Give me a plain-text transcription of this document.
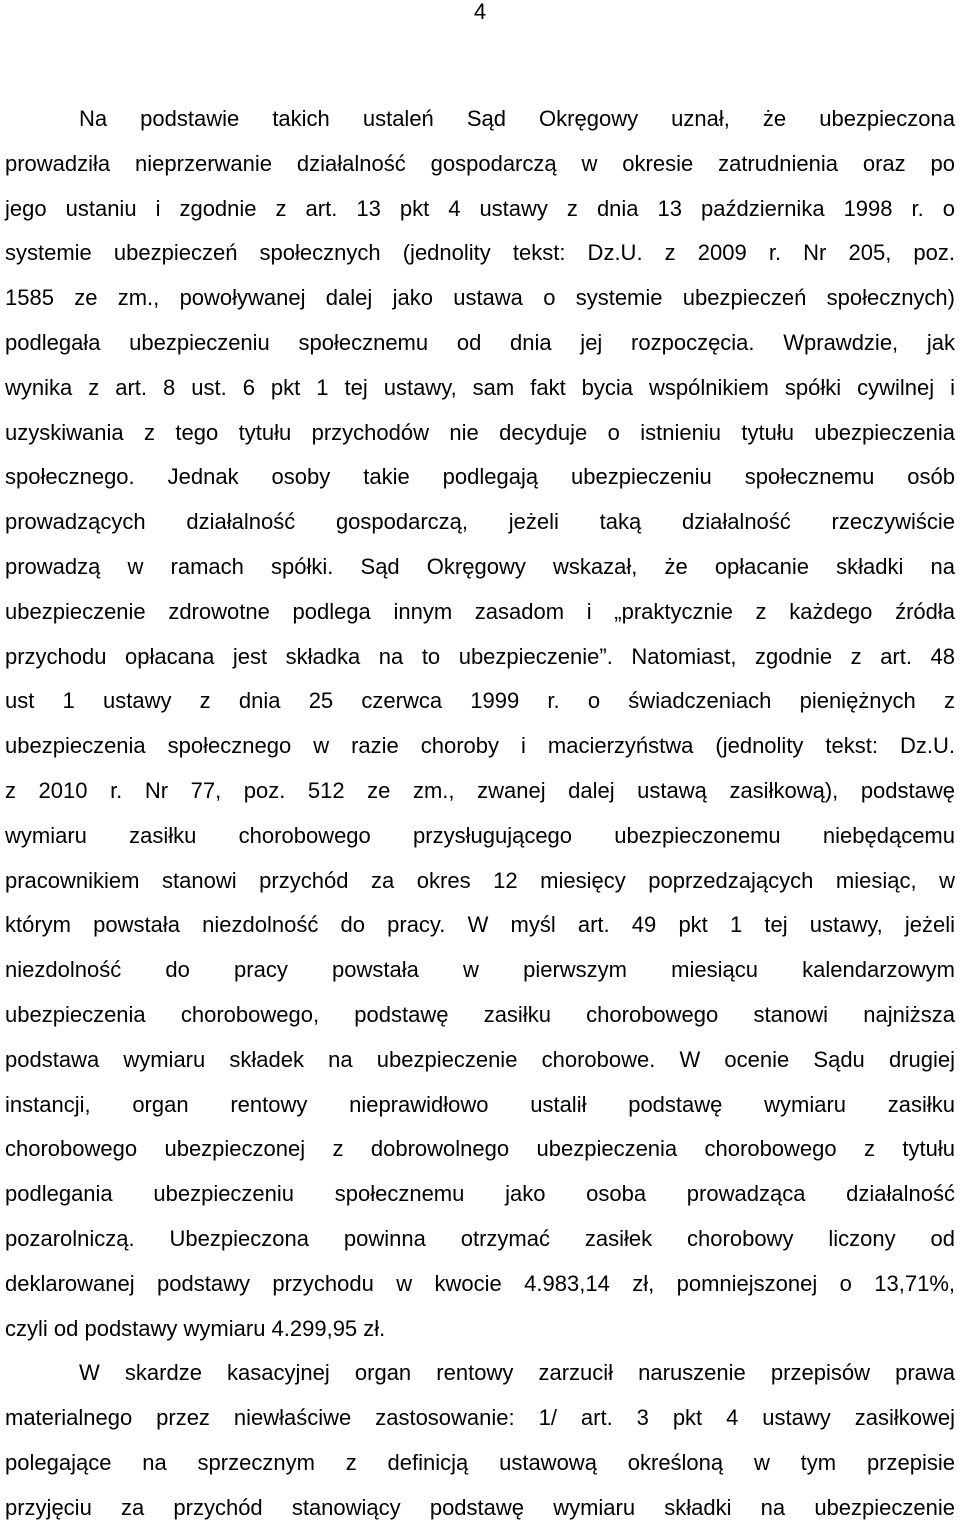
4
Na podstawie takich ustaleń Sąd Okręgowy uznał, że ubezpieczona
prowadziła nieprzerwanie działalność gospodarczą w okresie zatrudnienia oraz po
jego ustaniu i zgodnie z art. 13 pkt 4 ustawy z dnia 13 października 1998 r. o
systemie ubezpieczeń społecznych (jednolity tekst: Dz.U. z 2009 r. Nr 205, poz.
1585 ze zm., powoływanej dalej jako ustawa o systemie ubezpieczeń społecznych)
podlegała ubezpieczeniu społecznemu od dnia jej rozpoczęcia. Wprawdzie, jak
wynika z art. 8 ust. 6 pkt 1 tej ustawy, sam fakt bycia wspólnikiem spółki cywilnej i
uzyskiwania z tego tytułu przychodów nie decyduje o istnieniu tytułu ubezpieczenia
społecznego. Jednak osoby takie podlegają ubezpieczeniu społecznemu osób
prowadzących działalność gospodarczą, jeżeli taką działalność rzeczywiście
prowadzą w ramach spółki. Sąd Okręgowy wskazał, że opłacanie składki na
ubezpieczenie zdrowotne podlega innym zasadom i „praktycznie z każdego źródła
przychodu opłacana jest składka na to ubezpieczenie”. Natomiast, zgodnie z art. 48
ust 1 ustawy z dnia 25 czerwca 1999 r. o świadczeniach pieniężnych z
ubezpieczenia społecznego w razie choroby i macierzyństwa (jednolity tekst: Dz.U.
z 2010 r. Nr 77, poz. 512 ze zm., zwanej dalej ustawą zasiłkową), podstawę
wymiaru zasiłku chorobowego przysługującego ubezpieczonemu niebędącemu
pracownikiem stanowi przychód za okres 12 miesięcy poprzedzających miesiąc, w
którym powstała niezdolność do pracy. W myśl art. 49 pkt 1 tej ustawy, jeżeli
niezdolność do pracy powstała w pierwszym miesiącu kalendarzowym
ubezpieczenia chorobowego, podstawę zasiłku chorobowego stanowi najniższa
podstawa wymiaru składek na ubezpieczenie chorobowe. W ocenie Sądu drugiej
instancji, organ rentowy nieprawidłowo ustalił podstawę wymiaru zasiłku
chorobowego ubezpieczonej z dobrowolnego ubezpieczenia chorobowego z tytułu
podlegania ubezpieczeniu społecznemu jako osoba prowadząca działalność
pozarolniczą. Ubezpieczona powinna otrzymać zasiłek chorobowy liczony od
deklarowanej podstawy przychodu w kwocie 4.983,14 zł, pomniejszonej o 13,71%,
czyli od podstawy wymiaru 4.299,95 zł.
W skardze kasacyjnej organ rentowy zarzucił naruszenie przepisów prawa
materialnego przez niewłaściwe zastosowanie: 1/ art. 3 pkt 4 ustawy zasiłkowej
polegające na sprzecznym z definicją ustawową określoną w tym przepisie
przyjęciu za przychód stanowiący podstawę wymiaru składki na ubezpieczenie
